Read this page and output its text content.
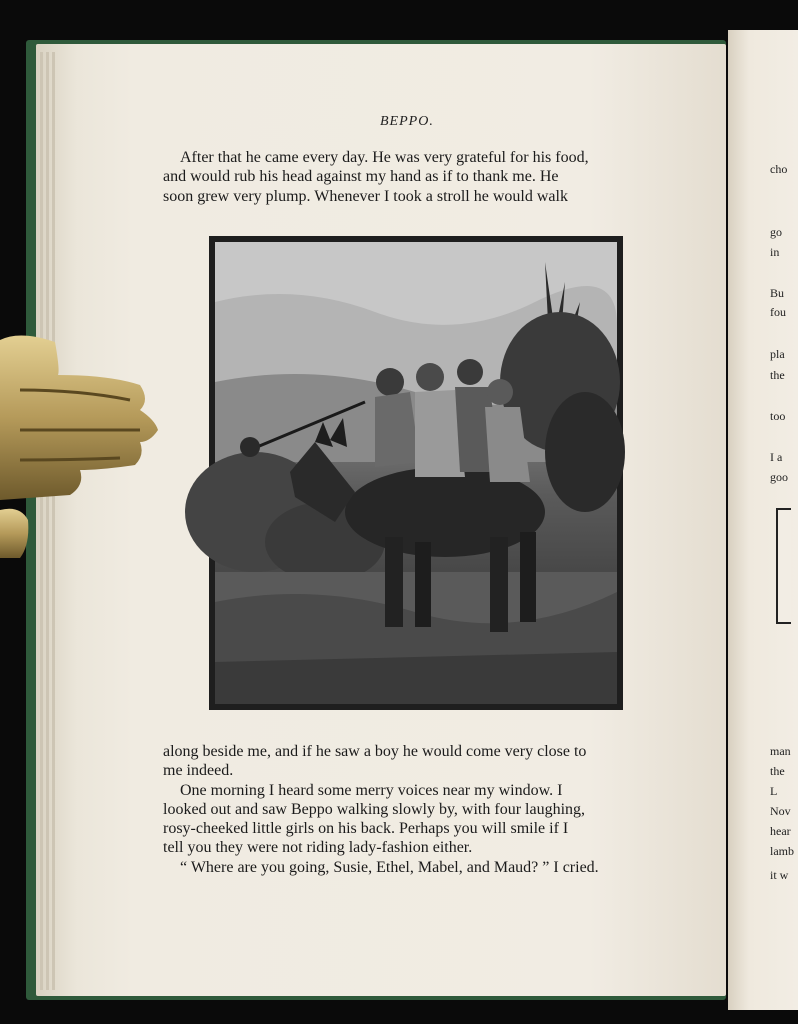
BEPPO.
After that he came every day. He was very grateful for his food,
and would rub his head against my hand as if to thank me. He
soon grew very plump. Whenever I took a stroll he would walk
along beside me, and if he saw a boy he would come very close to
me indeed.
One morning I heard some merry voices near my window. I
looked out and saw Beppo walking slowly by, with four laughing,
rosy-cheeked little girls on his back. Perhaps you will smile if I
tell you they were not riding lady-fashion either.
“ Where are you going, Susie, Ethel, Mabel, and Maud? ” I cried.
cho
go
in
Bu
fou
pla
the
too
I a
goo
man
the
L
Nov
hear
lamb
it w
